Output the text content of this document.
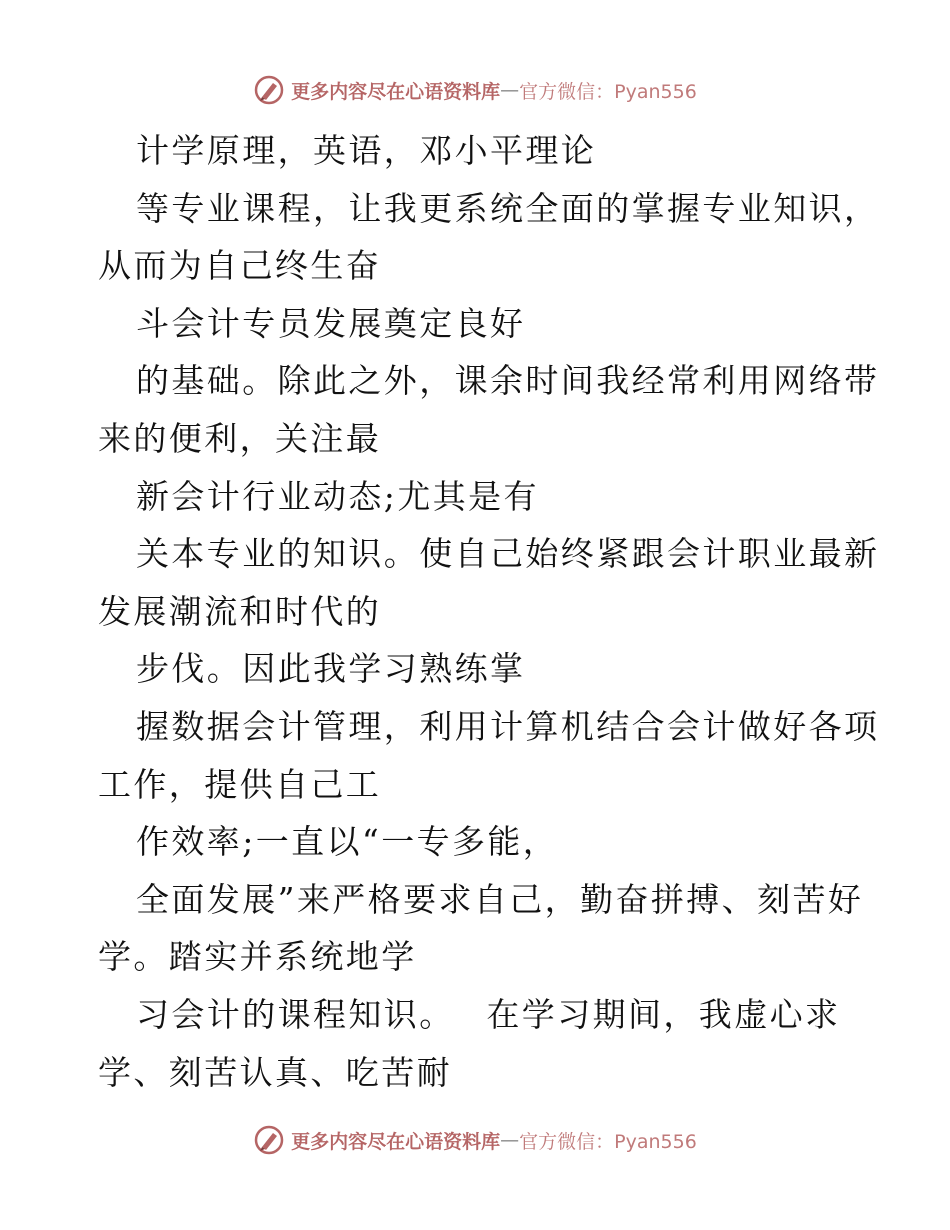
更多内容尽在心语资料库 — 官方微信：Pyan556
计学原理，英语，邓小平理论
等专业课程，让我更系统全面的掌握专业知识，
从而为自己终生奋
斗会计专员发展奠定良好
的基础。除此之外，课余时间我经常利用网络带
来的便利，关注最
新会计行业动态;尤其是有
关本专业的知识。使自己始终紧跟会计职业最新
发展潮流和时代的
步伐。因此我学习熟练掌
握数据会计管理，利用计算机结合会计做好各项
工作，提供自己工
作效率;一直以“一专多能，
全面发展”来严格要求自己，勤奋拼搏、刻苦好
学。踏实并系统地学
习会计的课程知识。　 在学习期间，我虚心求
学、刻苦认真、吃苦耐
更多内容尽在心语资料库 — 官方微信：Pyan556
